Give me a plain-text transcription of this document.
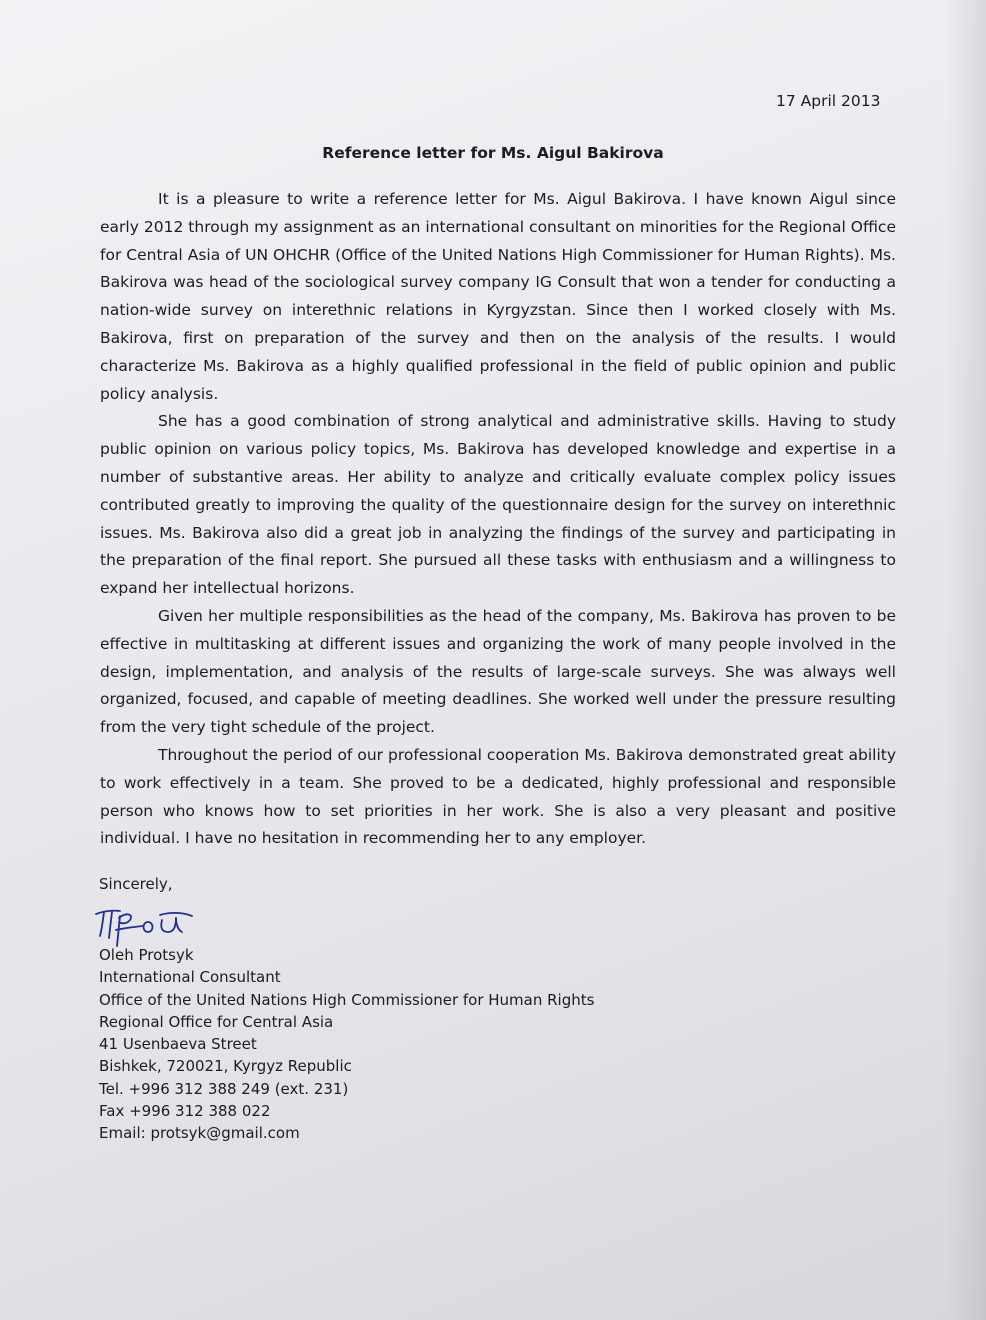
17 April 2013
Reference letter for Ms. Aigul Bakirova

It is a pleasure to write a reference letter for Ms. Aigul Bakirova. I have known Aigul since early 2012 through my assignment as an international consultant on minorities for the Regional Office for Central Asia of UN OHCHR (Office of the United Nations High Commissioner for Human Rights). Ms. Bakirova was head of the sociological survey company IG Consult that won a tender for conducting a nation-wide survey on interethnic relations in Kyrgyzstan. Since then I worked closely with Ms. Bakirova, first on preparation of the survey and then on the analysis of the results. I would characterize Ms. Bakirova as a highly qualified professional in the field of public opinion and public policy analysis.

She has a good combination of strong analytical and administrative skills. Having to study public opinion on various policy topics, Ms. Bakirova has developed knowledge and expertise in a number of substantive areas. Her ability to analyze and critically evaluate complex policy issues contributed greatly to improving the quality of the questionnaire design for the survey on interethnic issues. Ms. Bakirova also did a great job in analyzing the findings of the survey and participating in the preparation of the final report. She pursued all these tasks with enthusiasm and a willingness to expand her intellectual horizons.

Given her multiple responsibilities as the head of the company, Ms. Bakirova has proven to be effective in multitasking at different issues and organizing the work of many people involved in the design, implementation, and analysis of the results of large-scale surveys. She was always well organized, focused, and capable of meeting deadlines. She worked well under the pressure resulting from the very tight schedule of the project.

Throughout the period of our professional cooperation Ms. Bakirova demonstrated great ability to work effectively in a team. She proved to be a dedicated, highly professional and responsible person who knows how to set priorities in her work. She is also a very pleasant and positive individual. I have no hesitation in recommending her to any employer.

Sincerely,
Oleh Protsyk
International Consultant
Office of the United Nations High Commissioner for Human Rights
Regional Office for Central Asia
41 Usenbaeva Street
Bishkek, 720021, Kyrgyz Republic
Tel. +996 312 388 249 (ext. 231)
Fax +996 312 388 022
Email: protsyk@gmail.com
